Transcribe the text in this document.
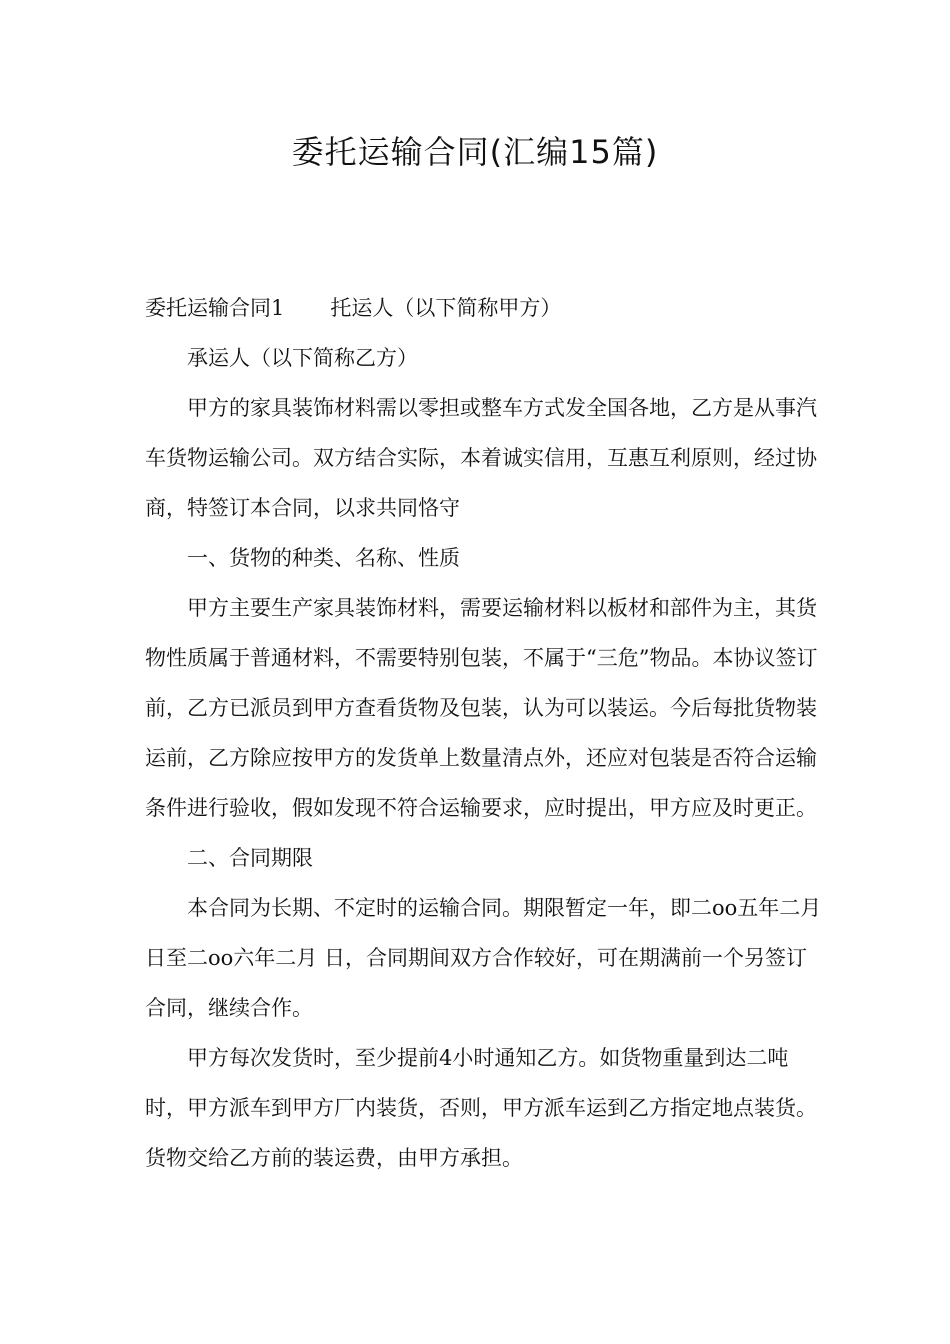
委托运输合同(汇编15篇)

委托运输合同1 托运人（以下简称甲方）

承运人（以下简称乙方）

甲方的家具装饰材料需以零担或整车方式发全国各地，乙方是从事汽车货物运输公司。双方结合实际，本着诚实信用，互惠互利原则，经过协商，特签订本合同，以求共同恪守

一、货物的种类、名称、性质

甲方主要生产家具装饰材料，需要运输材料以板材和部件为主，其货物性质属于普通材料，不需要特别包装，不属于“三危”物品。本协议签订前，乙方已派员到甲方查看货物及包装，认为可以装运。今后每批货物装运前，乙方除应按甲方的发货单上数量清点外，还应对包装是否符合运输条件进行验收，假如发现不符合运输要求，应时提出，甲方应及时更正。

二、合同期限

本合同为长期、不定时的运输合同。期限暂定一年，即二oo五年二月 日至二oo六年二月 日，合同期间双方合作较好，可在期满前一个另签订合同，继续合作。

甲方每次发货时，至少提前4小时通知乙方。如货物重量到达二吨时，甲方派车到甲方厂内装货，否则，甲方派车运到乙方指定地点装货。货物交给乙方前的装运费，由甲方承担。
